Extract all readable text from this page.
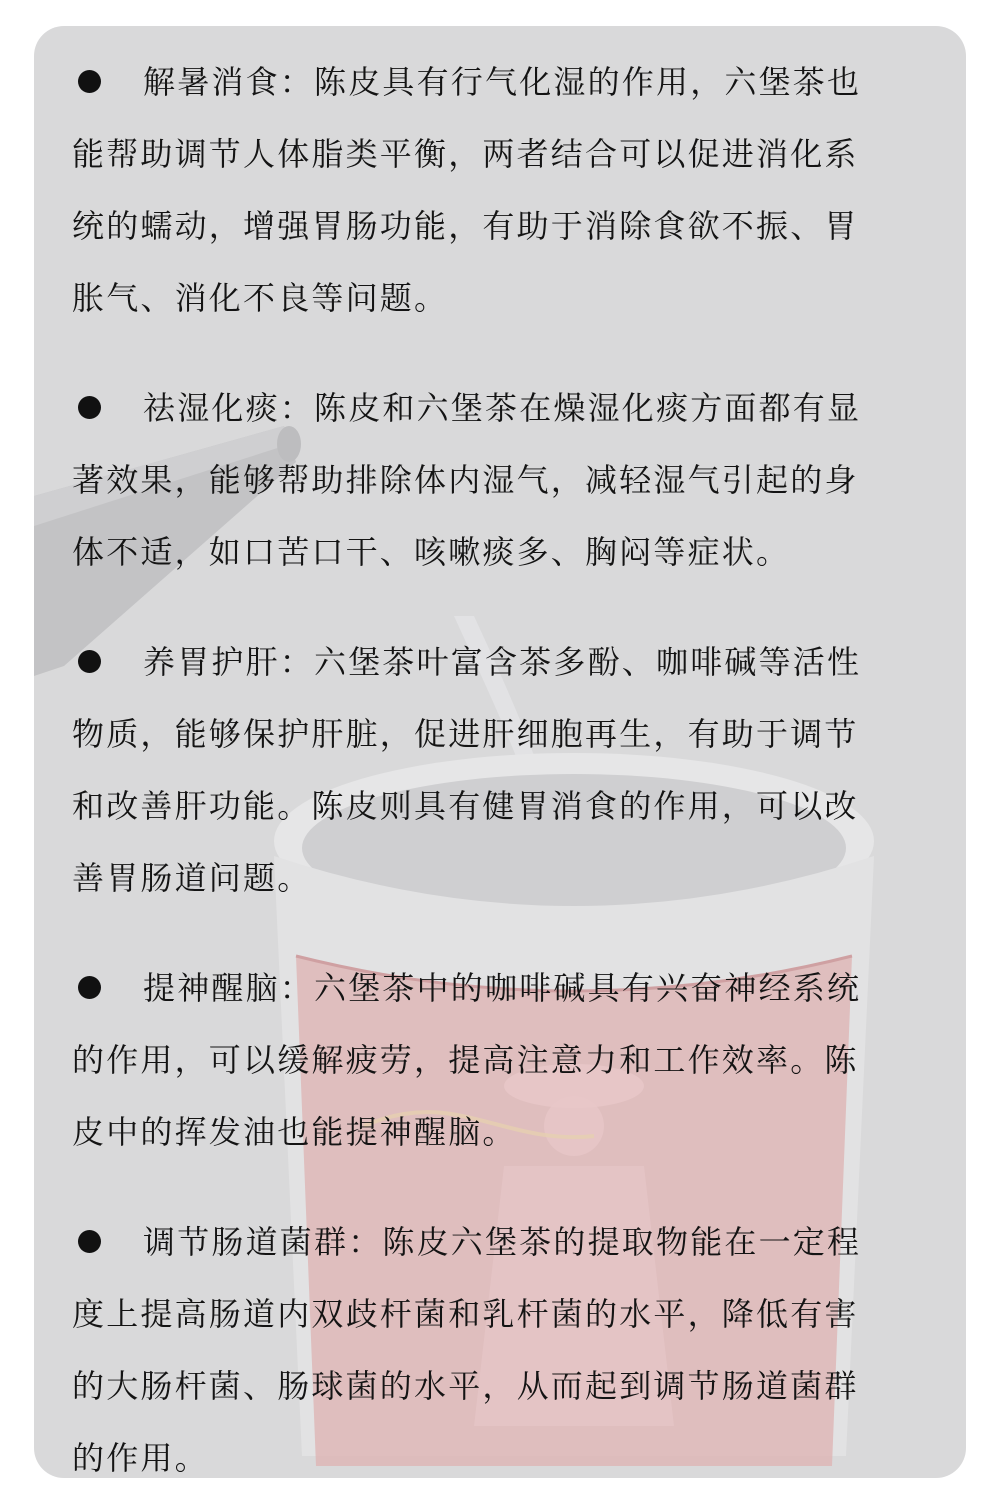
解暑消食：陈皮具有行气化湿的作用，六堡茶也
能帮助调节人体脂类平衡，两者结合可以促进消化系
统的蠕动，增强胃肠功能，有助于消除食欲不振、胃
胀气、消化不良等问题。
祛湿化痰：陈皮和六堡茶在燥湿化痰方面都有显
著效果，能够帮助排除体内湿气，减轻湿气引起的身
体不适，如口苦口干、咳嗽痰多、胸闷等症状。
养胃护肝：六堡茶叶富含茶多酚、咖啡碱等活性
物质，能够保护肝脏，促进肝细胞再生，有助于调节
和改善肝功能。陈皮则具有健胃消食的作用，可以改
善胃肠道问题。
提神醒脑：六堡茶中的咖啡碱具有兴奋神经系统
的作用，可以缓解疲劳，提高注意力和工作效率。陈
皮中的挥发油也能提神醒脑。
调节肠道菌群：陈皮六堡茶的提取物能在一定程
度上提高肠道内双歧杆菌和乳杆菌的水平，降低有害
的大肠杆菌、肠球菌的水平，从而起到调节肠道菌群
的作用。
